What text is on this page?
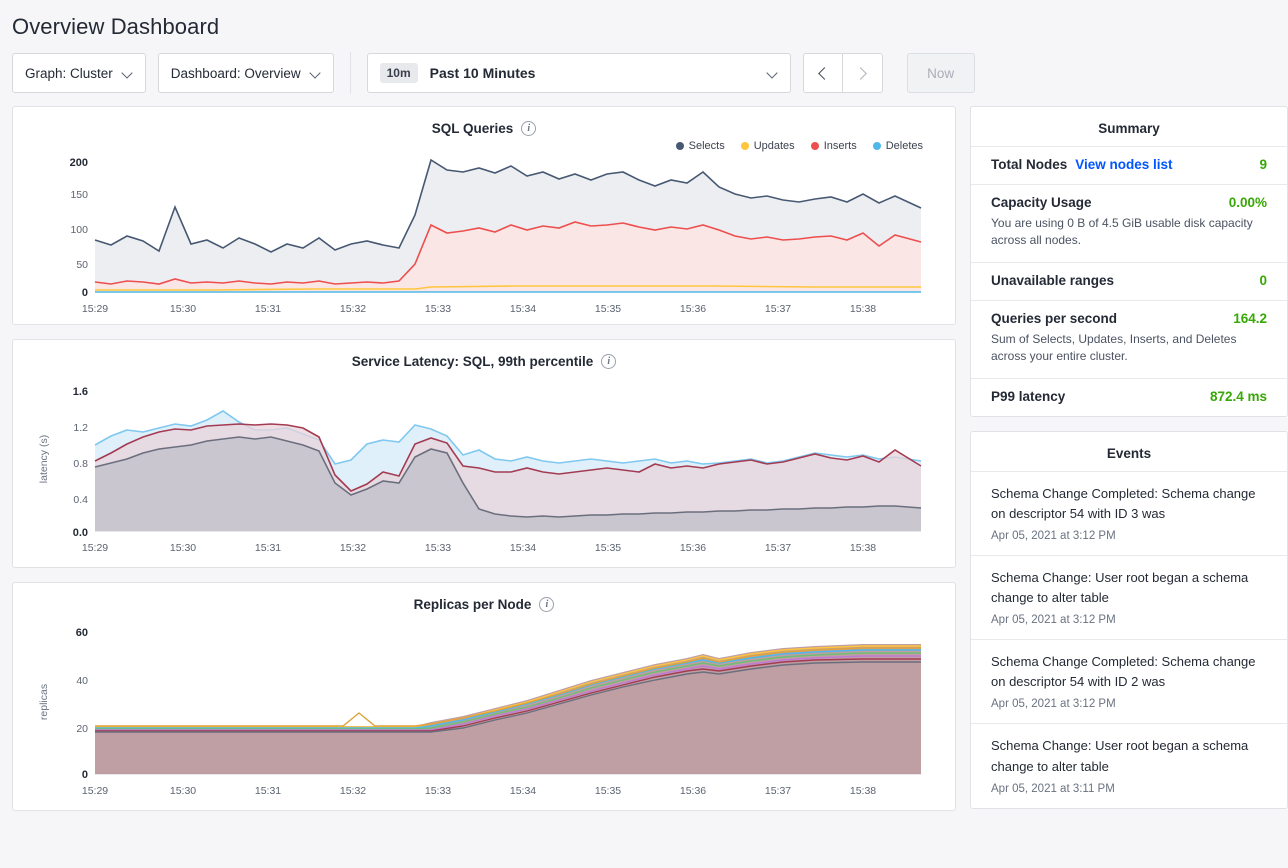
Overview Dashboard
Graph: Cluster	Dashboard: Overview	10m	Past 10 Minutes	Now
SQL Queries	i
Selects	Updates	Inserts	Deletes
200
150
100
50
0
15:29	15:30	15:31	15:32	15:33	15:34	15:35	15:36	15:37	15:38
Service Latency: SQL, 99th percentile	i
latency (s)
1.6
1.2
0.8
0.4
0.0
15:29	15:30	15:31	15:32	15:33	15:34	15:35	15:36	15:37	15:38
Replicas per Node	i
replicas
60
40
20
0
15:29	15:30	15:31	15:32	15:33	15:34	15:35	15:36	15:37	15:38
Summary
Total Nodes View nodes list	9
Capacity Usage	0.00%
You are using 0 B of 4.5 GiB usable disk capacity across all nodes.
Unavailable ranges	0
Queries per second	164.2
Sum of Selects, Updates, Inserts, and Deletes across your entire cluster.
P99 latency	872.4 ms
Events
Schema Change Completed: Schema change on descriptor 54 with ID 3 was
Apr 05, 2021 at 3:12 PM
Schema Change: User root began a schema change to alter table
Apr 05, 2021 at 3:12 PM
Schema Change Completed: Schema change on descriptor 54 with ID 2 was
Apr 05, 2021 at 3:12 PM
Schema Change: User root began a schema change to alter table
Apr 05, 2021 at 3:11 PM
